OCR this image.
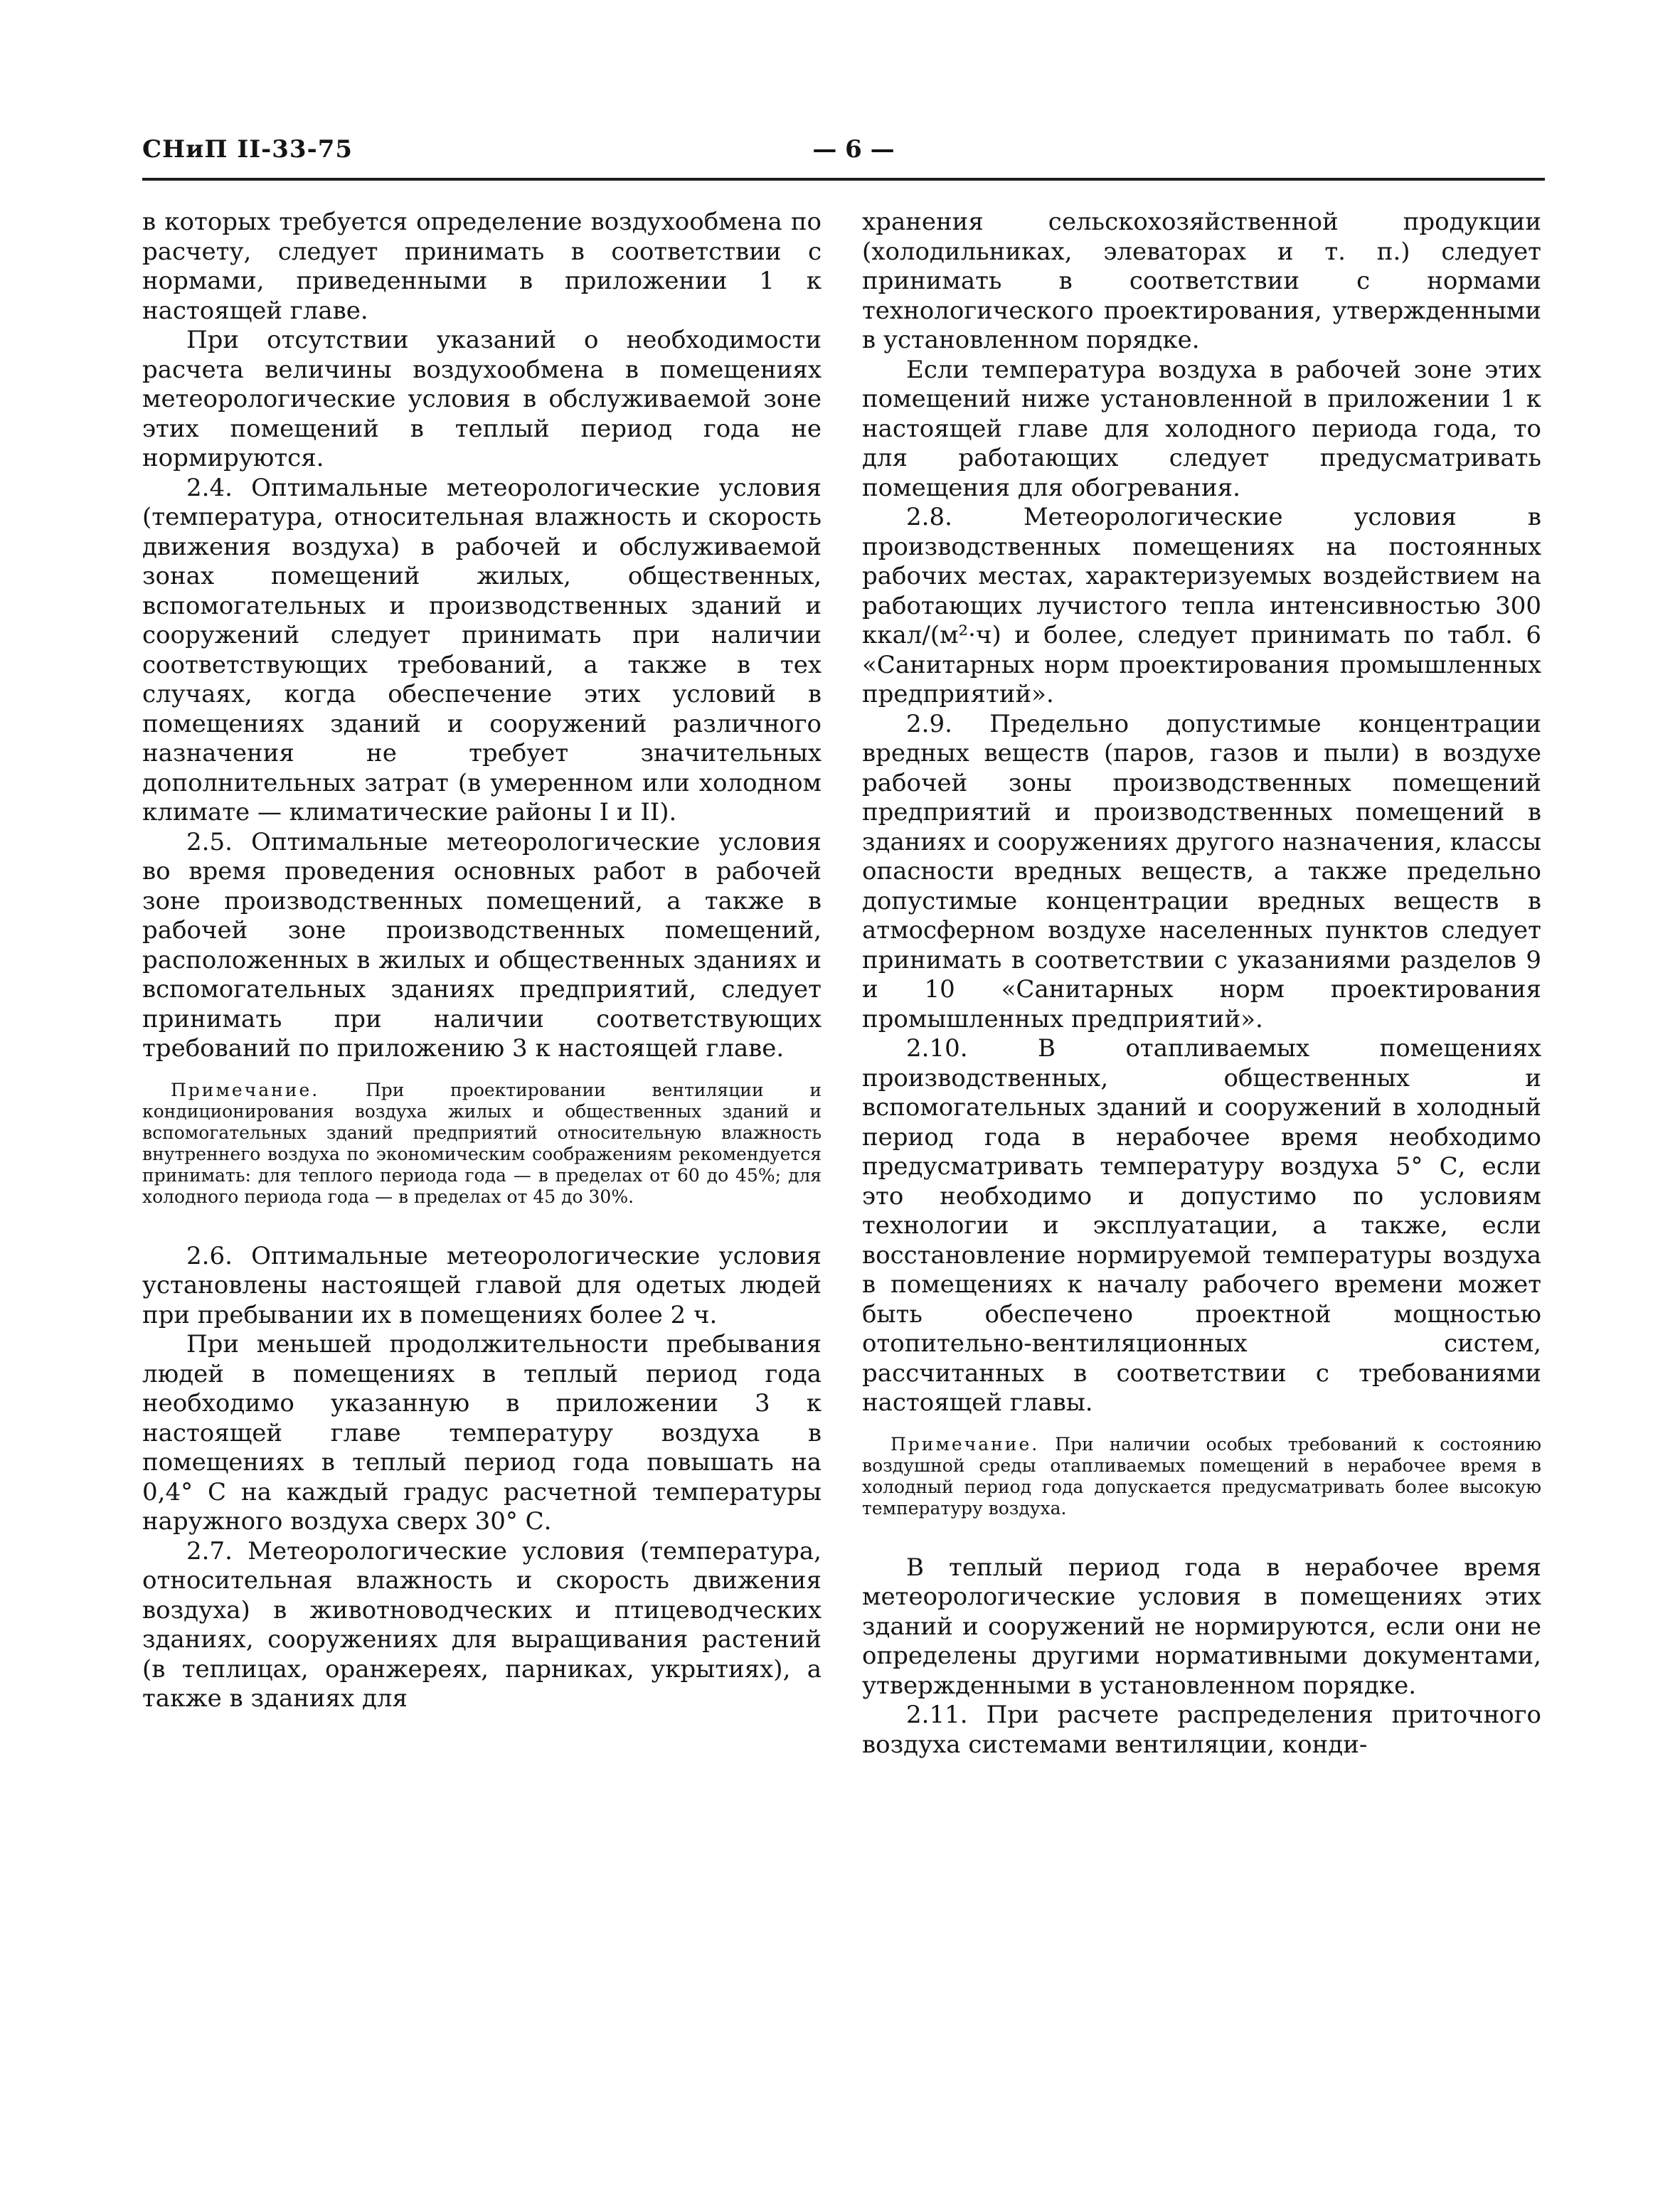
СНиП II-33-75	— 6 —

в которых требуется определение воздухообмена по расчету, следует принимать в соответствии с нормами, приведенными в приложении 1 к настоящей главе.

При отсутствии указаний о необходимости расчета величины воздухообмена в помещениях метеорологические условия в обслуживаемой зоне этих помещений в теплый период года не нормируются.

2.4. Оптимальные метеорологические условия (температура, относительная влажность и скорость движения воздуха) в рабочей и обслуживаемой зонах помещений жилых, общественных, вспомогательных и производственных зданий и сооружений следует принимать при наличии соответствующих требований, а также в тех случаях, когда обеспечение этих условий в помещениях зданий и сооружений различного назначения не требует значительных дополнительных затрат (в умеренном или холодном климате — климатические районы I и II).

2.5. Оптимальные метеорологические условия во время проведения основных работ в рабочей зоне производственных помещений, а также в рабочей зоне производственных помещений, расположенных в жилых и общественных зданиях и вспомогательных зданиях предприятий, следует принимать при наличии соответствующих требований по приложению 3 к настоящей главе.

Примечание.	При проектировании вентиляции и кондиционирования воздуха жилых и общественных зданий и вспомогательных зданий предприятий относительную влажность внутреннего воздуха по экономическим соображениям рекомендуется принимать: для теплого периода года — в пределах от 60 до 45%; для холодного периода года — в пределах от 45 до 30%.

2.6. Оптимальные метеорологические условия установлены настоящей главой для одетых людей при пребывании их в помещениях более 2 ч.

При меньшей продолжительности пребывания людей в помещениях в теплый период года необходимо указанную в приложении 3 к настоящей главе температуру воздуха в помещениях в теплый период года повышать на 0,4° С на каждый градус расчетной температуры наружного воздуха сверх 30° С.

2.7. Метеорологические условия (температура, относительная влажность и скорость движения воздуха) в животноводческих и птицеводческих зданиях, сооружениях для выращивания растений (в теплицах, оранжереях, парниках, укрытиях), а также в зданиях для

хранения сельскохозяйственной продукции (холодильниках, элеваторах и т. п.) следует принимать в соответствии с нормами технологического проектирования, утвержденными в установленном порядке.

Если температура воздуха в рабочей зоне этих помещений ниже установленной в приложении 1 к настоящей главе для холодного периода года, то для работающих следует предусматривать помещения для обогревания.

2.8. Метеорологические условия в производственных помещениях на постоянных рабочих местах, характеризуемых воздействием на работающих лучистого тепла интенсивностью 300 ккал/(м²·ч) и более, следует принимать по табл. 6 «Санитарных норм проектирования промышленных предприятий».

2.9. Предельно допустимые концентрации вредных веществ (паров, газов и пыли) в воздухе рабочей зоны производственных помещений предприятий и производственных помещений в зданиях и сооружениях другого назначения, классы опасности вредных веществ, а также предельно допустимые концентрации вредных веществ в атмосферном воздухе населенных пунктов следует принимать в соответствии с указаниями разделов 9 и 10 «Санитарных норм проектирования промышленных предприятий».

2.10. В отапливаемых помещениях производственных, общественных и вспомогательных зданий и сооружений в холодный период года в нерабочее время необходимо предусматривать температуру воздуха 5° С, если это необходимо и допустимо по условиям технологии и эксплуатации, а также, если восстановление нормируемой температуры воздуха в помещениях к началу рабочего времени может быть обеспечено проектной мощностью отопительно-вентиляционных систем, рассчитанных в соответствии с требованиями настоящей главы.

Примечание. При наличии особых требований к состоянию воздушной среды отапливаемых помещений в нерабочее время в холодный период года допускается предусматривать более высокую температуру воздуха.

В теплый период года в нерабочее время метеорологические условия в помещениях этих зданий и сооружений не нормируются, если они не определены другими нормативными документами, утвержденными в установленном порядке.

2.11. При расчете распределения приточного воздуха системами вентиляции, конди-
